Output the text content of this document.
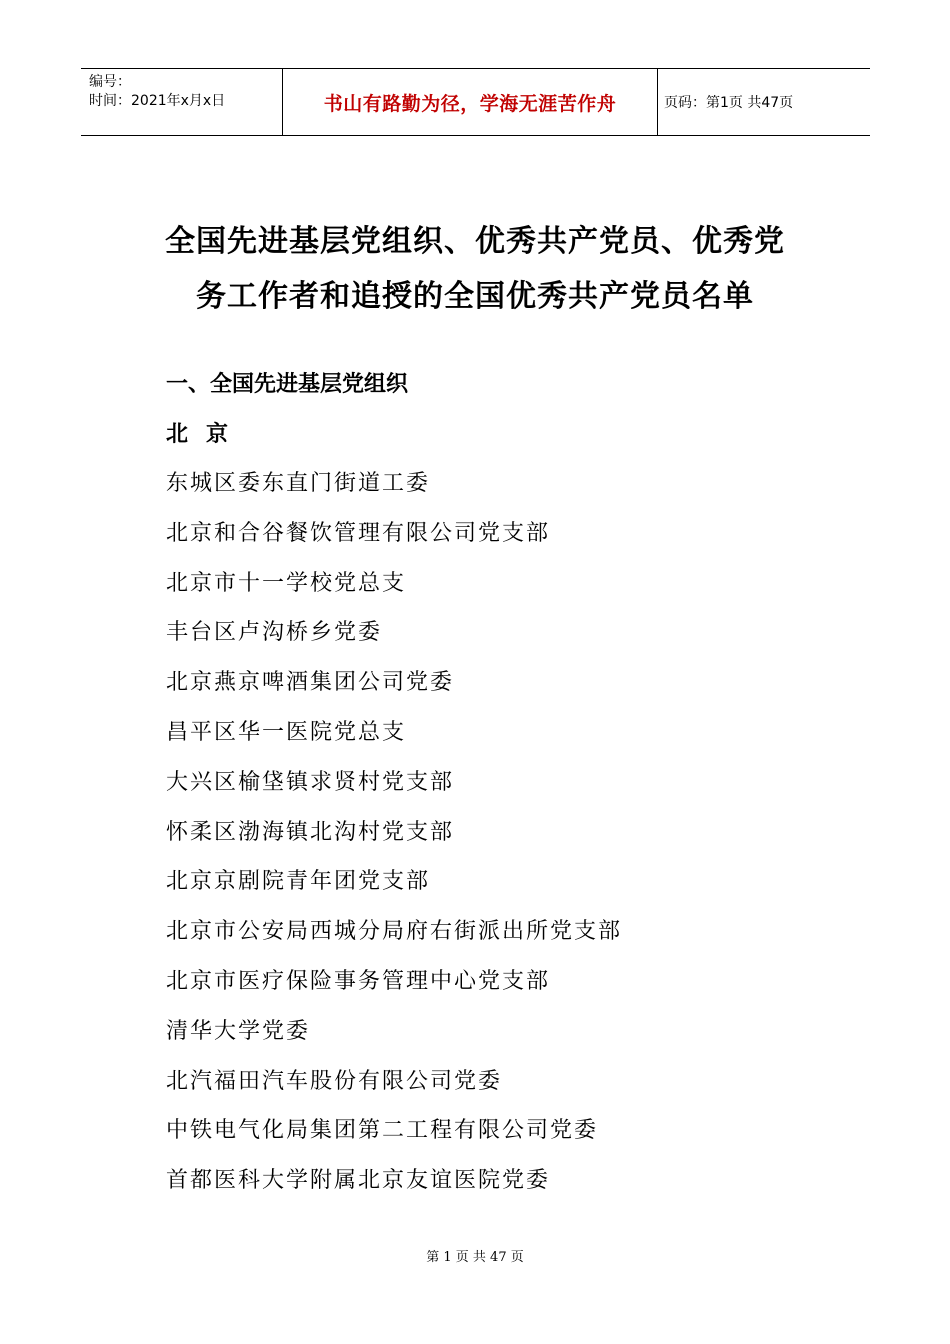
编号：
时间：2021年x月x日	书山有路勤为径，学海无涯苦作舟	页码：第1页 共47页
全国先进基层党组织、优秀共产党员、优秀党
务工作者和追授的全国优秀共产党员名单
一、全国先进基层党组织
北京
东城区委东直门街道工委
北京和合谷餐饮管理有限公司党支部
北京市十一学校党总支
丰台区卢沟桥乡党委
北京燕京啤酒集团公司党委
昌平区华一医院党总支
大兴区榆垡镇求贤村党支部
怀柔区渤海镇北沟村党支部
北京京剧院青年团党支部
北京市公安局西城分局府右街派出所党支部
北京市医疗保险事务管理中心党支部
清华大学党委
北汽福田汽车股份有限公司党委
中铁电气化局集团第二工程有限公司党委
首都医科大学附属北京友谊医院党委
第 1 页 共 47 页
